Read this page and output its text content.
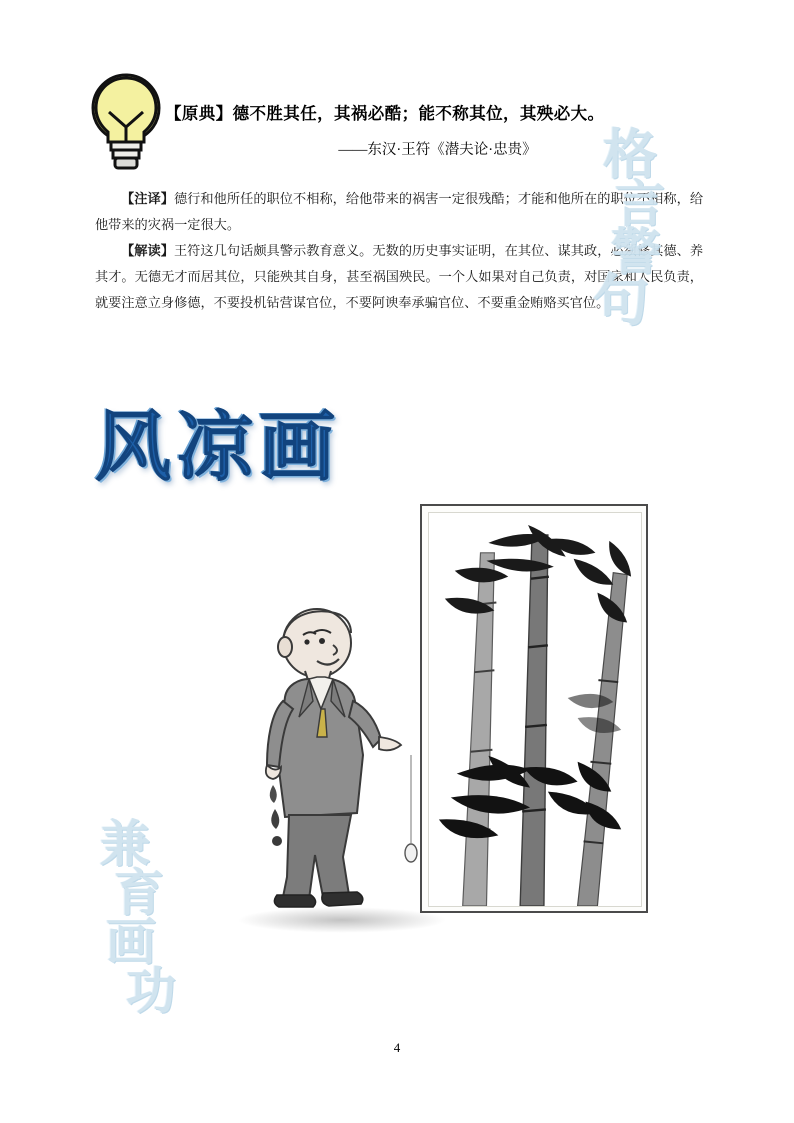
【原典】德不胜其任，其祸必酷；能不称其位，其殃必大。
——东汉·王符《潜夫论·忠贵》
【注译】德行和他所任的职位不相称，给他带来的祸害一定很残酷；才能和他所在的职位不相称，给他带来的灾祸一定很大。
【解读】王符这几句话颇具警示教育意义。无数的历史事实证明，在其位、谋其政，必须修其德、养其才。无德无才而居其位，只能殃其自身，甚至祸国殃民。一个人如果对自己负责，对国家和人民负责，就要注意立身修德，不要投机钻营谋官位，不要阿谀奉承骗官位、不要重金贿赂买官位。
格
言
警
句
风凉画
兼
育
画
功
4
